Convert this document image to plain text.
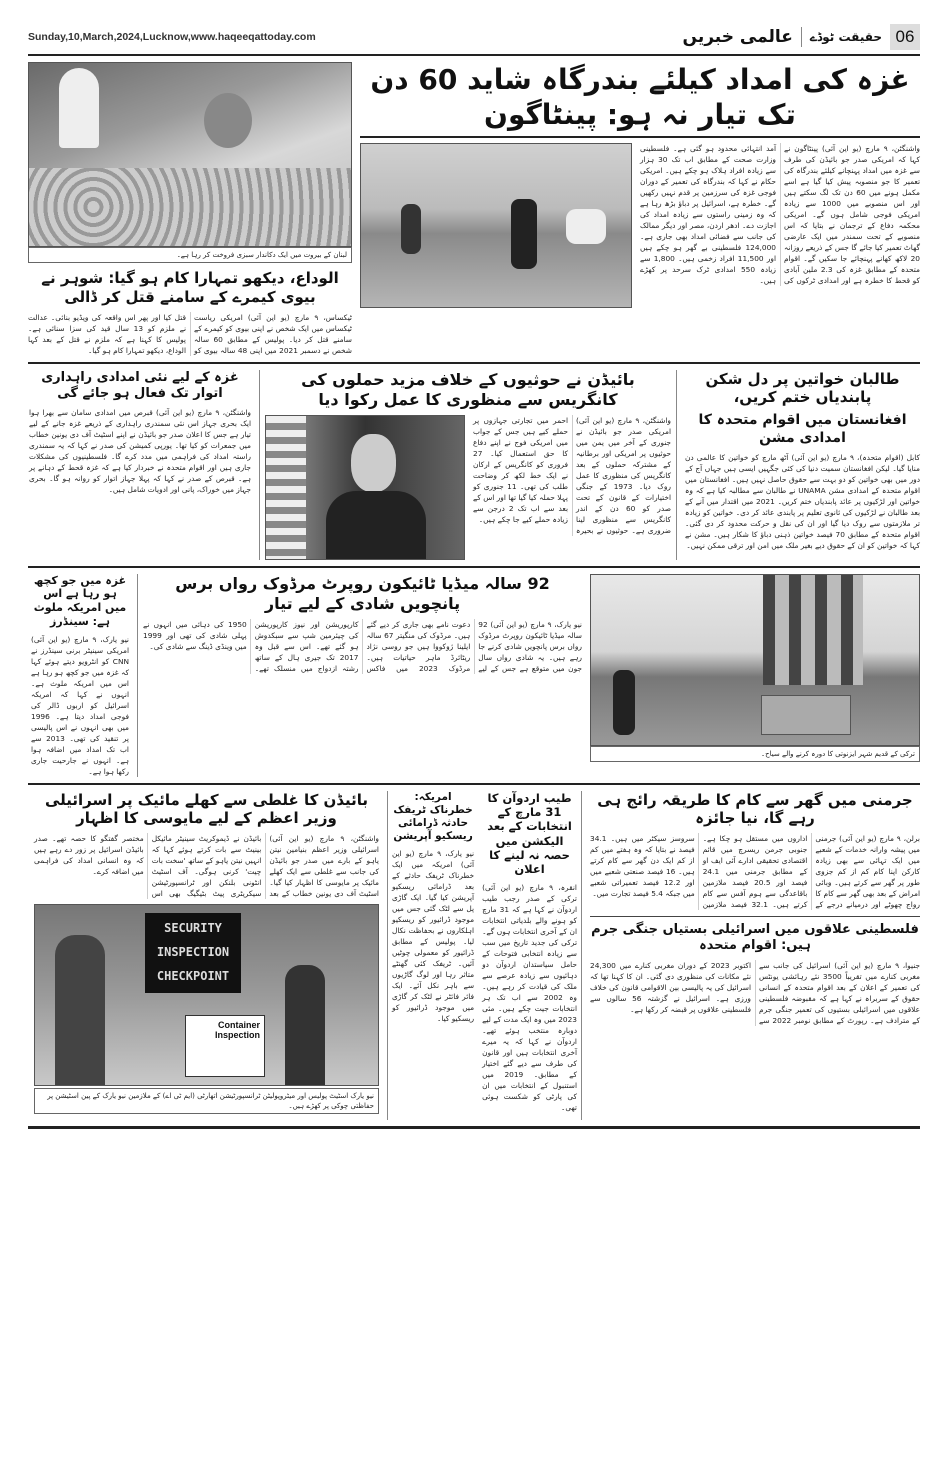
Sunday,10,March,2024,Lucknow,www.haqeeqattoday.com	06
حقیقت ٹوڈے
عالمی خبریں
غزہ کی امداد کیلئے بندرگاہ شاید 60 دن تک تیار نہ ہو: پینٹاگون
واشنگٹن، ۹ مارچ (یو این آئی) پینٹاگون نے کہا کہ امریکی صدر جو بائیڈن کی طرف سے غزہ میں امداد پہنچانے کیلئے بندرگاہ کی تعمیر کا جو منصوبہ پیش کیا گیا ہے اسے مکمل ہونے میں 60 دن تک لگ سکتے ہیں اور اس منصوبے میں 1000 سے زیادہ امریکی فوجی شامل ہوں گے۔ امریکی محکمہ دفاع کے ترجمان نے بتایا کہ اس منصوبے کے تحت سمندر میں ایک عارضی گھاٹ تعمیر کیا جائے گا جس کے ذریعے روزانہ 20 لاکھ کھانے پہنچائے جا سکیں گے۔ اقوام متحدہ کے مطابق غزہ کی 2.3 ملین آبادی کو قحط کا خطرہ ہے اور امدادی ٹرکوں کی آمد انتہائی محدود ہو گئی ہے۔ فلسطینی وزارت صحت کے مطابق اب تک 30 ہزار سے زیادہ افراد ہلاک ہو چکے ہیں۔ امریکی حکام نے کہا کہ بندرگاہ کی تعمیر کے دوران فوجی غزہ کی سرزمین پر قدم نہیں رکھیں گے۔ خطرہ ہے، اسرائیل پر دباؤ بڑھ رہا ہے کہ وہ زمینی راستوں سے زیادہ امداد کی اجازت دے۔ ادھر اردن، مصر اور دیگر ممالک کی جانب سے فضائی امداد بھی جاری ہے۔ 124,000 فلسطینی بے گھر ہو چکے ہیں اور 11,500 افراد زخمی ہیں۔ 1,800 سے زیادہ 550 امدادی ٹرک سرحد پر کھڑے ہیں۔
لبنان کے بیروت میں ایک دکاندار سبزی فروخت کر رہا ہے۔
الوداع، دیکھو تمہارا کام ہو گیا: شوہر نے بیوی کیمرے کے سامنے قتل کر ڈالی
ٹیکساس، ۹ مارچ (یو این آئی) امریکی ریاست ٹیکساس میں ایک شخص نے اپنی بیوی کو کیمرے کے سامنے قتل کر دیا۔ پولیس کے مطابق 60 سالہ شخص نے دسمبر 2021 میں اپنی 48 سالہ بیوی کو قتل کیا اور پھر اس واقعہ کی ویڈیو بنائی۔ عدالت نے ملزم کو 13 سال قید کی سزا سنائی ہے۔ پولیس کا کہنا ہے کہ ملزم نے قتل کے بعد کہا الوداع، دیکھو تمہارا کام ہو گیا۔
طالبان خواتین پر دل شکن پابندیاں ختم کریں،
افغانستان میں اقوام متحدہ کا امدادی مشن
کابل (اقوام متحدہ)، ۹ مارچ (یو این آئی) آٹھ مارچ کو خواتین کا عالمی دن منایا گیا۔ لیکن افغانستان سمیت دنیا کی کئی جگہیں ایسی ہیں جہاں آج کے دور میں بھی خواتین کو دو بہت سے حقوق حاصل نہیں ہیں۔ افغانستان میں اقوام متحدہ کے امدادی مشن UNAMA نے طالبان سے مطالبہ کیا ہے کہ وہ خواتین اور لڑکیوں پر عائد پابندیاں ختم کریں۔ 2021 میں اقتدار میں آنے کے بعد طالبان نے لڑکیوں کی ثانوی تعلیم پر پابندی عائد کر دی۔ خواتین کو زیادہ تر ملازمتوں سے روک دیا گیا اور ان کی نقل و حرکت محدود کر دی گئی۔ اقوام متحدہ کے مطابق 70 فیصد خواتین ذہنی دباؤ کا شکار ہیں۔ مشن نے کہا کہ خواتین کو ان کے حقوق دیے بغیر ملک میں امن اور ترقی ممکن نہیں۔
بائیڈن نے حوثیوں کے خلاف مزید حملوں کی کانگریس سے منظوری کا عمل رکوا دیا
واشنگٹن، ۹ مارچ (یو این آئی) امریکی صدر جو بائیڈن نے جنوری کے آخر میں یمن میں حوثیوں پر امریکی اور برطانیہ کے مشترکہ حملوں کے بعد کانگریس کی منظوری کا عمل روک دیا۔ 1973 کے جنگی اختیارات کے قانون کے تحت صدر کو 60 دن کے اندر کانگریس سے منظوری لینا ضروری ہے۔ حوثیوں نے بحیرہ احمر میں تجارتی جہازوں پر حملے کیے ہیں جس کے جواب میں امریکی فوج نے اپنے دفاع کا حق استعمال کیا۔ 27 فروری کو کانگریس کے ارکان نے ایک خط لکھ کر وضاحت طلب کی تھی۔ 11 جنوری کو پہلا حملہ کیا گیا تھا اور اس کے بعد سے اب تک 2 درجن سے زیادہ حملے کیے جا چکے ہیں۔
غزہ کے لیے نئی امدادی راہداری اتوار تک فعال ہو جائے گی
واشنگٹن، ۹ مارچ (یو این آئی) قبرص میں امدادی سامان سے بھرا ہوا ایک بحری جہاز اس نئی سمندری راہداری کے ذریعے غزہ جانے کے لیے تیار ہے جس کا اعلان صدر جو بائیڈن نے اپنے اسٹیٹ آف دی یونین خطاب میں جمعرات کو کیا تھا۔ یورپی کمیشن کی صدر نے کہا کہ یہ سمندری راستہ امداد کی فراہمی میں مدد کرے گا۔ فلسطینیوں کی مشکلات جاری ہیں اور اقوام متحدہ نے خبردار کیا ہے کہ غزہ قحط کے دہانے پر ہے۔ قبرص کے صدر نے کہا کہ پہلا جہاز اتوار کو روانہ ہو گا۔ بحری جہاز میں خوراک، پانی اور ادویات شامل ہیں۔
ترکی کے قدیم شہر ایزنوتی کا دورہ کرنے والے سیاح۔
92 سالہ میڈیا ٹائیکون روپرٹ مرڈوک رواں برس پانچویں شادی کے لیے تیار
نیو یارک، ۹ مارچ (یو این آئی) 92 سالہ میڈیا ٹائیکون روپرٹ مرڈوک رواں برس پانچویں شادی کرنے جا رہے ہیں۔ یہ شادی رواں سال جون میں متوقع ہے جس کے لیے دعوت نامے بھی جاری کر دیے گئے ہیں۔ مرڈوک کی منگیتر 67 سالہ ایلینا ژوکووا ہیں جو روسی نژاد ریٹائرڈ ماہر حیاتیات ہیں۔ مرڈوک 2023 میں فاکس کارپوریشن اور نیوز کارپوریشن کی چیئرمین شپ سے سبکدوش ہو گئے تھے۔ اس سے قبل وہ 2017 تک جیری ہال کے ساتھ رشتہ ازدواج میں منسلک تھے۔ 1950 کی دہائی میں انہوں نے پہلی شادی کی تھی اور 1999 میں وینڈی ڈینگ سے شادی کی۔
غزہ میں جو کچھ ہو رہا ہے اس میں امریکہ ملوث ہے: سینڈرز
نیو یارک، ۹ مارچ (یو این آئی) امریکی سینیٹر برنی سینڈرز نے CNN کو انٹرویو دیتے ہوئے کہا کہ غزہ میں جو کچھ ہو رہا ہے اس میں امریکہ ملوث ہے۔ انہوں نے کہا کہ امریکہ اسرائیل کو اربوں ڈالر کی فوجی امداد دیتا ہے۔ 1996 میں بھی انہوں نے اس پالیسی پر تنقید کی تھی۔ 2013 سے اب تک امداد میں اضافہ ہوا ہے۔ انہوں نے جارحیت جاری رکھا ہوا ہے۔
جرمنی میں گھر سے کام کا طریقہ رائج ہی رہے گا، نیا جائزہ
برلن، ۹ مارچ (یو این آئی) جرمنی میں پیشہ وارانہ خدمات کے شعبے میں ایک تہائی سے بھی زیادہ کارکن اپنا کام کم از کم جزوی طور پر گھر سے کرتے ہیں۔ وبائی امراض کے بعد بھی گھر سے کام کا رواج چھوٹے اور درمیانے درجے کے اداروں میں مستقل ہو چکا ہے۔ جنوبی جرمن ریسرچ میں قائم اقتصادی تحقیقی ادارے آئی ایف او کے مطابق جرمنی میں 24.1 فیصد اور 20.5 فیصد ملازمین باقاعدگی سے ہوم آفس سے کام کرتے ہیں۔ 32.1 فیصد ملازمین سروسز سیکٹر میں ہیں۔ 34.1 فیصد نے بتایا کہ وہ ہفتے میں کم از کم ایک دن گھر سے کام کرتے ہیں۔ 16 فیصد صنعتی شعبے میں اور 12.2 فیصد تعمیراتی شعبے میں جبکہ 5.4 فیصد تجارت میں۔
فلسطینی علاقوں میں اسرائیلی بستیاں جنگی جرم ہیں: اقوام متحدہ
جنیوا، ۹ مارچ (یو این آئی) اسرائیل کی جانب سے مغربی کنارے میں تقریباً 3500 نئے رہائشی یونٹس کی تعمیر کے اعلان کے بعد اقوام متحدہ کے انسانی حقوق کے سربراہ نے کہا ہے کہ مقبوضہ فلسطینی علاقوں میں اسرائیلی بستیوں کی تعمیر جنگی جرم کے مترادف ہے۔ رپورٹ کے مطابق نومبر 2022 سے اکتوبر 2023 کے دوران مغربی کنارے میں 24,300 نئے مکانات کی منظوری دی گئی۔ ان کا کہنا تھا کہ اسرائیل کی یہ پالیسی بین الاقوامی قانون کی خلاف ورزی ہے۔ اسرائیل نے گزشتہ 56 سالوں سے فلسطینی علاقوں پر قبضہ کر رکھا ہے۔
طیب اردوآن کا 31 مارچ کے انتخابات کے بعد الیکشن میں حصہ نہ لینے کا اعلان
انقرہ، ۹ مارچ (یو این آئی) ترکی کے صدر رجب طیب اردوآن نے کہا ہے کہ 31 مارچ کو ہونے والے بلدیاتی انتخابات ان کے آخری انتخابات ہوں گے۔ ترکی کی جدید تاریخ میں سب سے زیادہ انتخابی فتوحات کے حامل سیاستدان اردوآن دو دہائیوں سے زیادہ عرصے سے ملک کی قیادت کر رہے ہیں۔ وہ 2002 سے اب تک ہر انتخابات جیت چکے ہیں۔ مئی 2023 میں وہ ایک مدت کے لیے دوبارہ منتخب ہوئے تھے۔ اردوآن نے کہا کہ یہ میرے آخری انتخابات ہیں اور قانون کی طرف سے دیے گئے اختیار کے مطابق۔ 2019 میں استنبول کے انتخابات میں ان کی پارٹی کو شکست ہوئی تھی۔
امریکہ: خطرناک ٹریفک حادثہ ڈرامائی ریسکیو آپریشن
نیو یارک، ۹ مارچ (یو این آئی) امریکہ میں ایک خطرناک ٹریفک حادثے کے بعد ڈرامائی ریسکیو آپریشن کیا گیا۔ ایک گاڑی پل سے لٹک گئی جس میں موجود ڈرائیور کو ریسکیو اہلکاروں نے بحفاظت نکال لیا۔ پولیس کے مطابق ڈرائیور کو معمولی چوٹیں آئیں۔ ٹریفک کئی گھنٹے متاثر رہا اور لوگ گاڑیوں سے باہر نکل آئے۔ ایک فائر فائٹر نے لٹک کر گاڑی میں موجود ڈرائیور کو ریسکیو کیا۔
بائیڈن کا غلطی سے کھلے مائیک پر اسرائیلی وزیر اعظم کے لیے مایوسی کا اظہار
واشنگٹن، ۹ مارچ (یو این آئی) اسرائیلی وزیر اعظم بنیامین نیتن یاہو کے بارے میں صدر جو بائیڈن کی جانب سے غلطی سے ایک کھلے مائیک پر مایوسی کا اظہار کیا گیا۔ اسٹیٹ آف دی یونین خطاب کے بعد بائیڈن نے ڈیموکریٹ سینیٹر مائیکل بینیٹ سے بات کرتے ہوئے کہا کہ انہیں نیتن یاہو کے ساتھ 'سخت بات چیت' کرنی ہوگی۔ آف اسٹیٹ انٹونی بلنکن اور ٹرانسپورٹیشن سیکریٹری پیٹ بٹیگیگ بھی اس مختصر گفتگو کا حصہ تھے۔ صدر بائیڈن اسرائیل پر زور دے رہے ہیں کہ وہ انسانی امداد کی فراہمی میں اضافہ کرے۔
SECURITY INSPECTION CHECKPOINT
Container Inspection
نیو یارک اسٹیٹ پولیس اور میٹروپولیٹن ٹرانسپورٹیشن اتھارٹی (ایم ٹی اے) کے ملازمین نیو یارک کے پین اسٹیشن پر حفاظتی چوکی پر کھڑے ہیں۔
